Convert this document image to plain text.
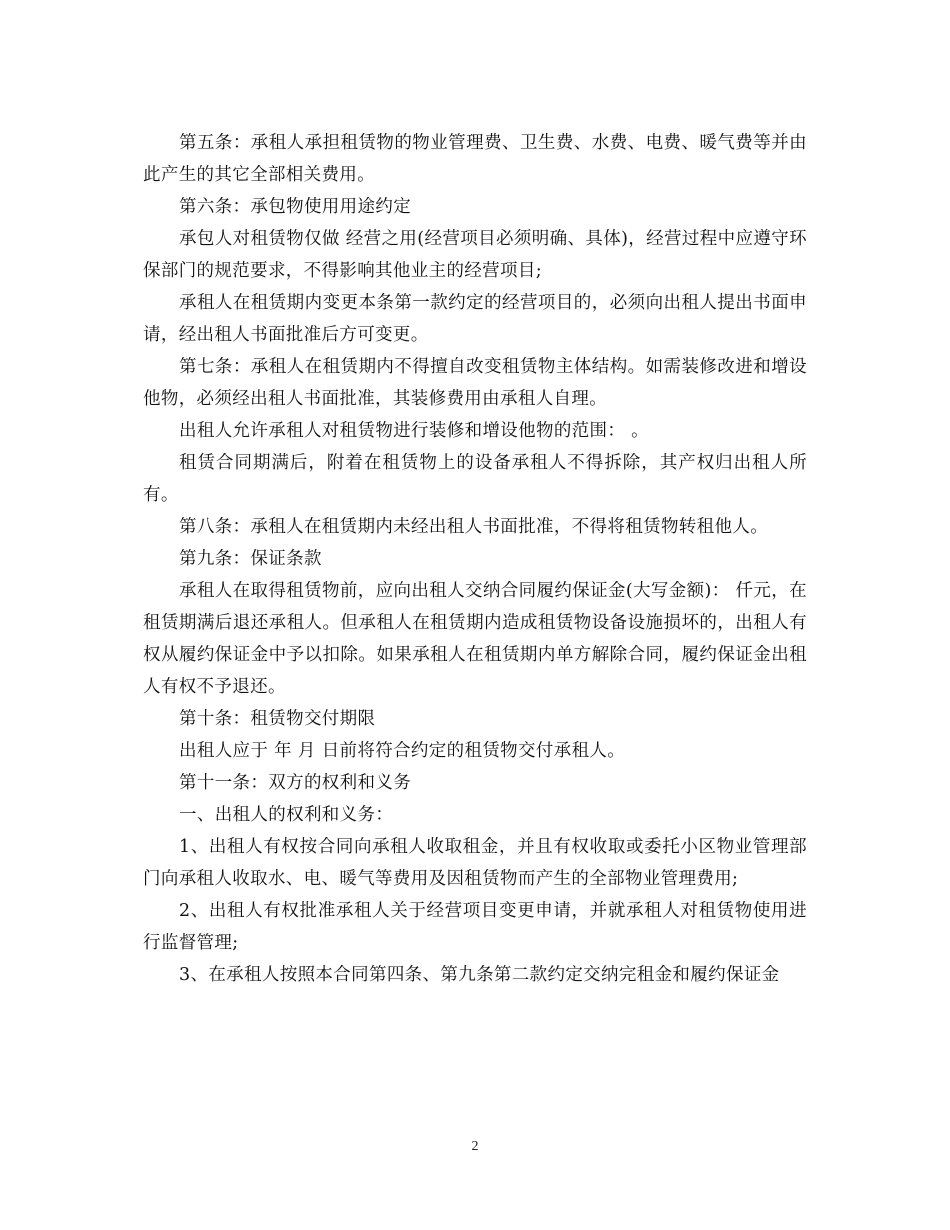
第五条：承租人承担租赁物的物业管理费、卫生费、水费、电费、暖气费等并由此产生的其它全部相关费用。

第六条：承包物使用用途约定

承包人对租赁物仅做 经营之用(经营项目必须明确、具体)，经营过程中应遵守环保部门的规范要求，不得影响其他业主的经营项目;

承租人在租赁期内变更本条第一款约定的经营项目的，必须向出租人提出书面申请，经出租人书面批准后方可变更。

第七条：承租人在租赁期内不得擅自改变租赁物主体结构。如需装修改进和增设他物，必须经出租人书面批准，其装修费用由承租人自理。

出租人允许承租人对租赁物进行装修和增设他物的范围： 。

租赁合同期满后，附着在租赁物上的设备承租人不得拆除，其产权归出租人所有。

第八条：承租人在租赁期内未经出租人书面批准，不得将租赁物转租他人。

第九条：保证条款

承租人在取得租赁物前，应向出租人交纳合同履约保证金(大写金额)： 仟元，在租赁期满后退还承租人。但承租人在租赁期内造成租赁物设备设施损坏的，出租人有权从履约保证金中予以扣除。如果承租人在租赁期内单方解除合同，履约保证金出租人有权不予退还。

第十条：租赁物交付期限

出租人应于 年 月 日前将符合约定的租赁物交付承租人。

第十一条：双方的权利和义务

一、出租人的权利和义务：

1、出租人有权按合同向承租人收取租金，并且有权收取或委托小区物业管理部门向承租人收取水、电、暖气等费用及因租赁物而产生的全部物业管理费用;

2、出租人有权批准承租人关于经营项目变更申请，并就承租人对租赁物使用进行监督管理;

3、在承租人按照本合同第四条、第九条第二款约定交纳完租金和履约保证金

2
